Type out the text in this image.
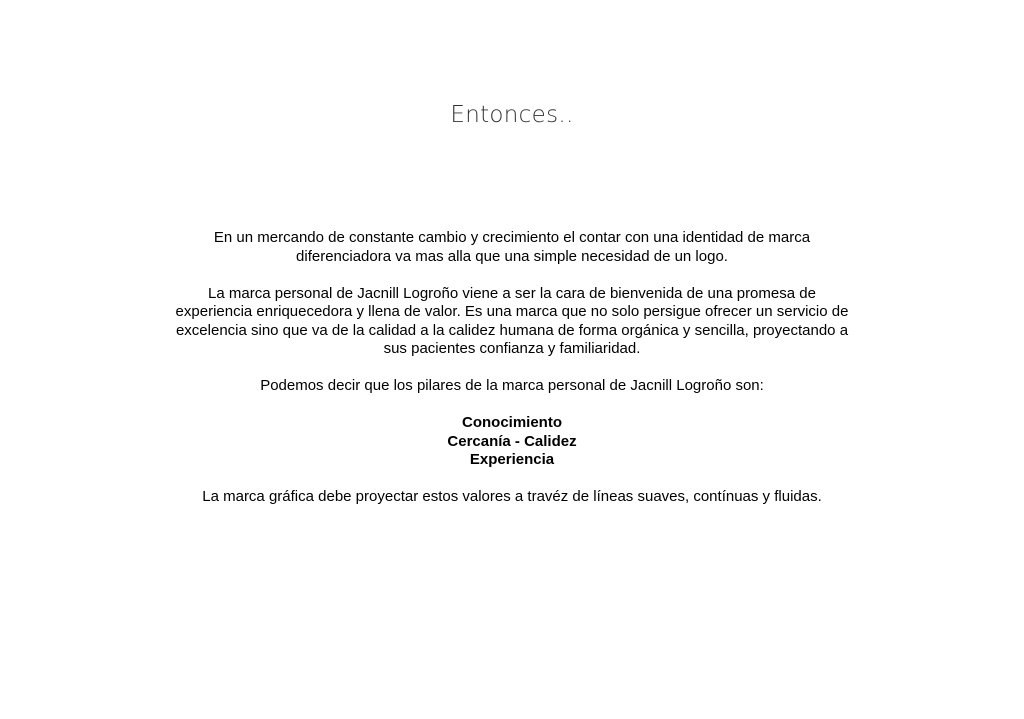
Entonces..

En un mercando de constante cambio y crecimiento el contar con una identidad de marca diferenciadora va mas alla que una simple necesidad de un logo.

La marca personal de Jacnill Logroño viene a ser la cara de bienvenida de una promesa de experiencia enriquecedora y llena de valor. Es una marca que no solo persigue ofrecer un servicio de excelencia sino que va de la calidad a la calidez humana de forma orgánica y sencilla, proyectando a sus pacientes confianza y familiaridad.

Podemos decir que los pilares de la marca personal de Jacnill Logroño son:

Conocimiento
Cercanía - Calidez
Experiencia

La marca gráfica debe proyectar estos valores a travéz de líneas suaves, contínuas y fluidas.
